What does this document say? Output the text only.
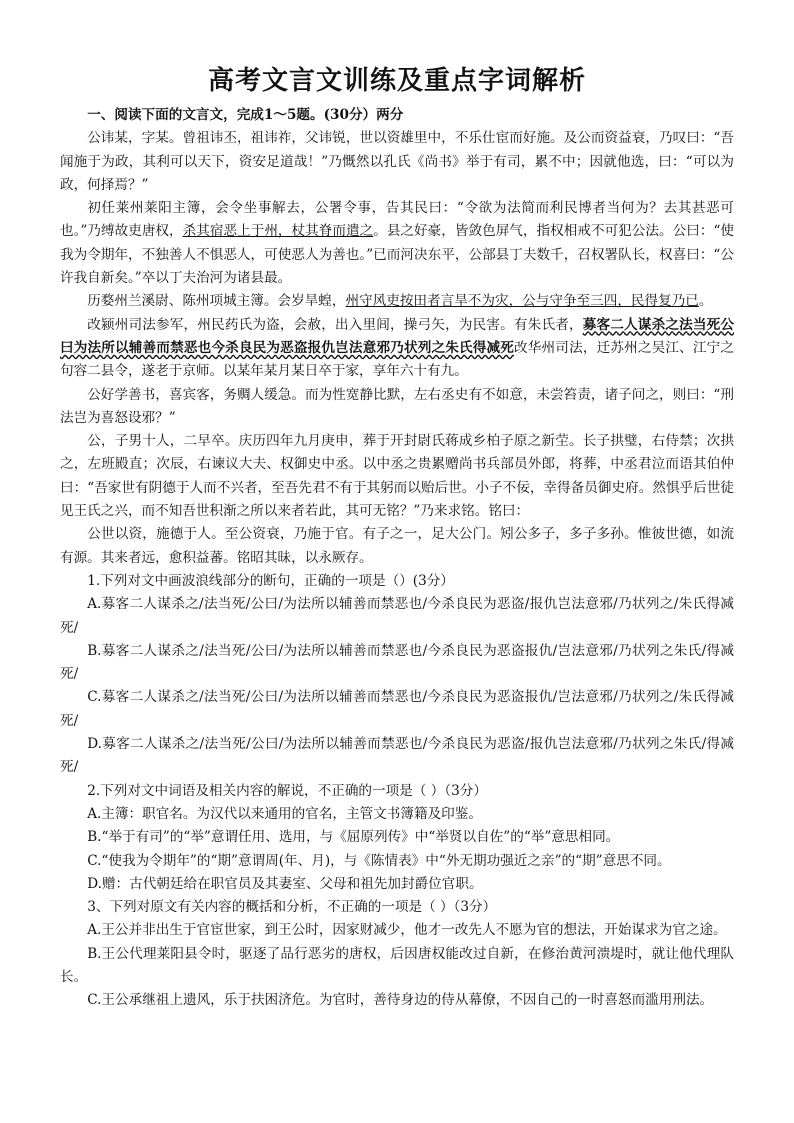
高考文言文训练及重点字词解析

一、阅读下面的文言文，完成1～5题。(30分）两分

公讳某，字某。曾祖讳丕，祖讳祚，父讳锐，世以资雄里中，不乐仕宦而好施。及公而资益衰，乃叹曰：“吾闻施于为政，其利可以天下，资安足道哉！”乃慨然以孔氏《尚书》举于有司，累不中；因就他选，曰：“可以为政，何择焉？”

初任莱州莱阳主簿，会令坐事解去，公署令事，告其民曰：“令欲为法简而利民博者当何为？去其甚恶可也。”乃缚故吏唐权，杀其宿恶上于州，杖其脊而遣之。县之好豪，皆敛色屏气，指权相戒不可犯公法。公曰：“使我为令期年，不独善人不惧恶人，可使恶人为善也。”已而河决东平，公部县丁夫数千，召权署队长，权喜曰：“公许我自新矣。”卒以丁夫治河为诸县最。

历婺州兰溪尉、陈州项城主簿。会岁旱蝗，州守风吏按田者言旱不为灾，公与守争至三四，民得复乃已。

改颍州司法参军，州民药氏为盗，会赦，出入里闾，操弓矢，为民害。有朱氏者，募客二人谋杀之法当死公曰为法所以辅善而禁恶也今杀良民为恶盗报仇岂法意邪乃状列之朱氏得减死改华州司法，迁苏州之吴江、江宁之句容二县令，遂老于京师。以某年某月某日卒于家，享年六十有九。

公好学善书，喜宾客，务赒人缓急。而为性宽静比默，左右丞史有不如意，未尝笞责，诸子问之，则曰：“刑法岂为喜怒设邪？”

公，子男十人，二早卒。庆历四年九月庚申，葬于开封尉氏蒋成乡柏子原之新茔。长子拱璧，右侍禁；次拱之，左班殿直；次辰，右谏议大夫、权御史中丞。以中丞之贵累赠尚书兵部员外郎，将葬，中丞君泣而语其伯仲曰：“吾家世有阴德于人而不兴者，至吾先君不有于其躬而以贻后世。小子不佞，幸得备员御史府。然惧乎后世徒见王氏之兴，而不知吾世积渐之所以来者若此，其可无铭？”乃来求铭。铭曰：

公世以资，施德于人。至公资衰，乃施于官。有子之一，足大公门。矧公多子，多子多孙。惟彼世德，如流有源。其来者远，愈积益蕃。铭昭其昧，以永厥存。

1.下列对文中画波浪线部分的断句，正确的一项是（）(3分）

A.募客二人谋杀之/法当死/公曰/为法所以辅善而禁恶也/今杀良民为恶盗/报仇岂法意邪/乃状列之/朱氏得减死/

B.募客二人谋杀之/法当死/公曰/为法所以辅善而禁恶也/今杀良民为恶盗报仇/岂法意邪/乃状列之朱氏/得减死/

C.募客二人谋杀之/法当死/公曰/为法所以辅善而禁恶也/今杀良民为恶盗报仇/岂法意邪/乃状列之/朱氏得减死/

D.募客二人谋杀之/法当死/公曰/为法所以辅善而禁恶也/今杀良民为恶盗/报仇岂法意邪/乃状列之朱氏/得减死/

2.下列对文中词语及相关内容的解说，不正确的一项是（ ）（3分）

A.主簿：职官名。为汉代以来通用的官名，主管文书簿籍及印鉴。

B.“举于有司”的“举”意谓任用、选用，与《屈原列传》中“举贤以自佐”的“举”意思相同。

C.“使我为令期年”的“期”意谓周(年、月)，与《陈情表》中“外无期功强近之亲”的“期”意思不同。

D.赠：古代朝廷给在职官员及其妻室、父母和祖先加封爵位官职。

3、下列对原文有关内容的概括和分析，不正确的一项是（ ）（3分）

A.王公并非出生于官宦世家，到王公时，因家财减少，他才一改先人不愿为官的想法，开始谋求为官之途。

B.王公代理莱阳县令时，驱逐了品行恶劣的唐权，后因唐权能改过自新，在修治黄河溃堤时，就让他代理队长。

C.王公承继祖上遗风，乐于扶困济危。为官时，善待身边的侍从幕僚，不因自己的一时喜怒而滥用刑法。
